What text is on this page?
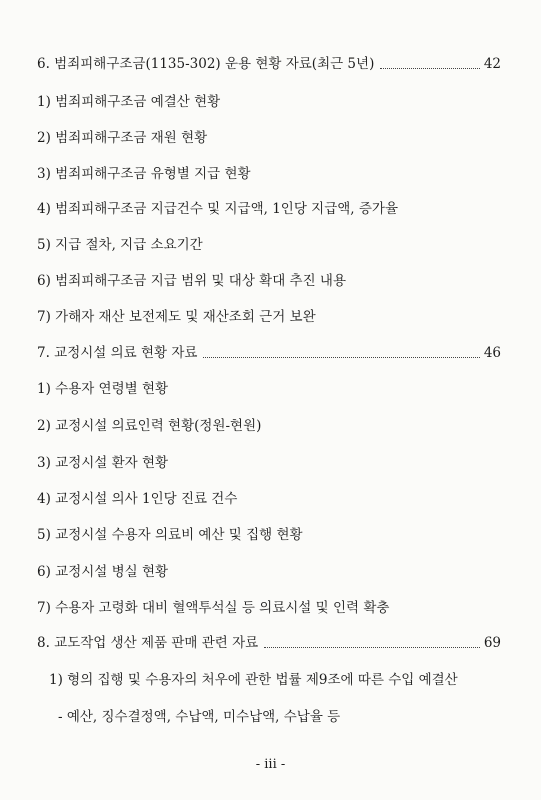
6. 범죄피해구조금(1135-302) 운용 현황 자료(최근 5년)	42
1) 범죄피해구조금 예결산 현황
2) 범죄피해구조금 재원 현황
3) 범죄피해구조금 유형별 지급 현황
4) 범죄피해구조금 지급건수 및 지급액, 1인당 지급액, 증가율
5) 지급 절차, 지급 소요기간
6) 범죄피해구조금 지급 범위 및 대상 확대 추진 내용
7) 가해자 재산 보전제도 및 재산조회 근거 보완
7. 교정시설 의료 현황 자료	46
1) 수용자 연령별 현황
2) 교정시설 의료인력 현황(정원-현원)
3) 교정시설 환자 현황
4) 교정시설 의사 1인당 진료 건수
5) 교정시설 수용자 의료비 예산 및 집행 현황
6) 교정시설 병실 현황
7) 수용자 고령화 대비 혈액투석실 등 의료시설 및 인력 확충
8. 교도작업 생산 제품 판매 관련 자료	69
1) 형의 집행 및 수용자의 처우에 관한 법률 제9조에 따른 수입 예결산
- 예산, 징수결정액, 수납액, 미수납액, 수납율 등
- iii -
